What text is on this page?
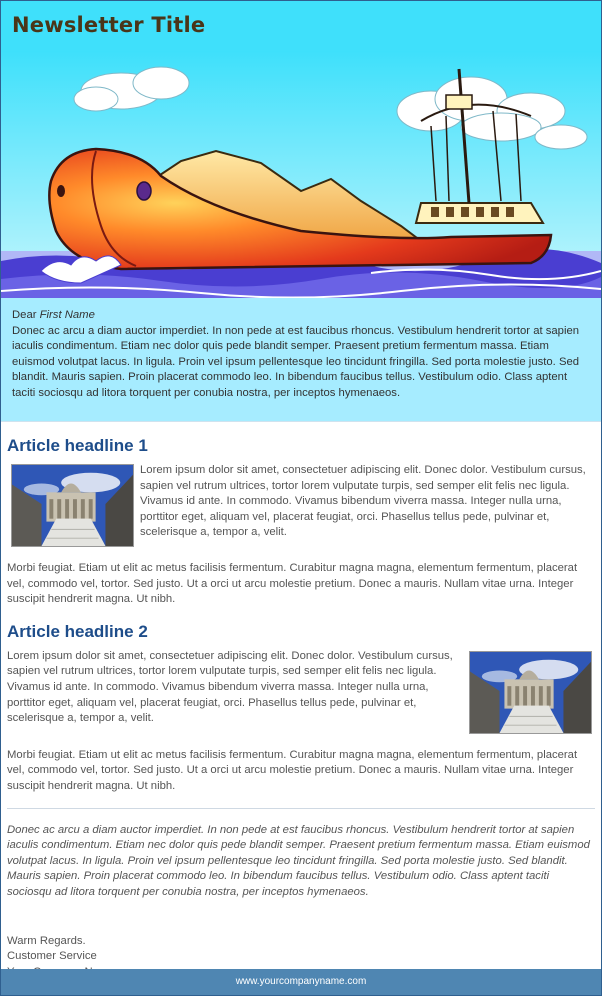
Newsletter Title

Dear First Name

Donec ac arcu a diam auctor imperdiet. In non pede at est faucibus rhoncus. Vestibulum hendrerit tortor at sapien iaculis condimentum. Etiam nec dolor quis pede blandit semper. Praesent pretium fermentum massa. Etiam euismod volutpat lacus. In ligula. Proin vel ipsum pellentesque leo tincidunt fringilla. Sed porta molestie justo. Sed blandit. Mauris sapien. Proin placerat commodo leo. In bibendum faucibus tellus. Vestibulum odio. Class aptent taciti sociosqu ad litora torquent per conubia nostra, per inceptos hymenaeos.

Article headline 1

Lorem ipsum dolor sit amet, consectetuer adipiscing elit. Donec dolor. Vestibulum cursus, sapien vel rutrum ultrices, tortor lorem vulputate turpis, sed semper elit felis nec ligula. Vivamus id ante. In commodo. Vivamus bibendum viverra massa. Integer nulla urna, porttitor eget, aliquam vel, placerat feugiat, orci. Phasellus tellus pede, pulvinar et, scelerisque a, tempor a, velit.

Morbi feugiat. Etiam ut elit ac metus facilisis fermentum. Curabitur magna magna, elementum fermentum, placerat vel, commodo vel, tortor. Sed justo. Ut a orci ut arcu molestie pretium. Donec a mauris. Nullam vitae urna. Integer suscipit hendrerit magna. Ut nibh.

Article headline 2

Lorem ipsum dolor sit amet, consectetuer adipiscing elit. Donec dolor. Vestibulum cursus, sapien vel rutrum ultrices, tortor lorem vulputate turpis, sed semper elit felis nec ligula. Vivamus id ante. In commodo. Vivamus bibendum viverra massa. Integer nulla urna, porttitor eget, aliquam vel, placerat feugiat, orci. Phasellus tellus pede, pulvinar et, scelerisque a, tempor a, velit.

Morbi feugiat. Etiam ut elit ac metus facilisis fermentum. Curabitur magna magna, elementum fermentum, placerat vel, commodo vel, tortor. Sed justo. Ut a orci ut arcu molestie pretium. Donec a mauris. Nullam vitae urna. Integer suscipit hendrerit magna. Ut nibh.

Donec ac arcu a diam auctor imperdiet. In non pede at est faucibus rhoncus. Vestibulum hendrerit tortor at sapien iaculis condimentum. Etiam nec dolor quis pede blandit semper. Praesent pretium fermentum massa. Etiam euismod volutpat lacus. In ligula. Proin vel ipsum pellentesque leo tincidunt fringilla. Sed porta molestie justo. Sed blandit. Mauris sapien. Proin placerat commodo leo. In bibendum faucibus tellus. Vestibulum odio. Class aptent taciti sociosqu ad litora torquent per conubia nostra, per inceptos hymenaeos.

Warm Regards.
Customer Service
www.yourcompanyname.com
